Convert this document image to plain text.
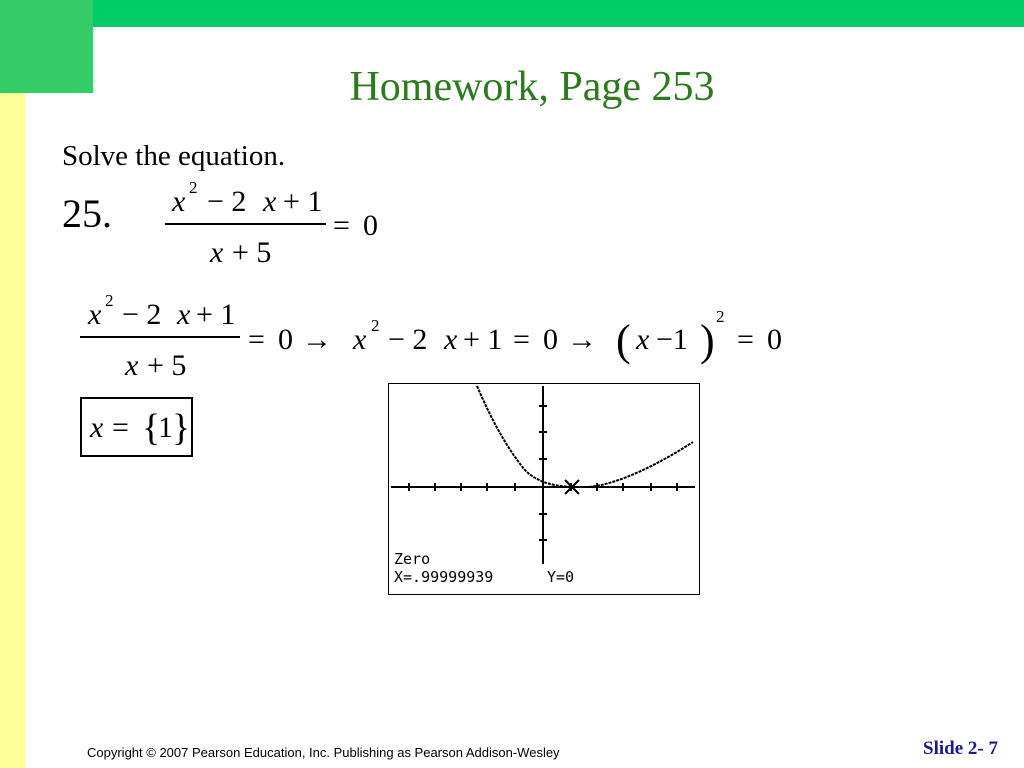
Homework, Page 253
Solve the equation.
25. x 2 − 2 x + 1
x + 5
= 0
x 2 − 2 x + 1
x + 5
= 0 → x 2 − 2 x + 1 = 0 → ( x −1 ) 2
= 0
x = {
1 }
Zero
X=.99999939	Y=0
Copyright © 2007 Pearson Education, Inc. Publishing as Pearson Addison-Wesley	Slide 2- 7
